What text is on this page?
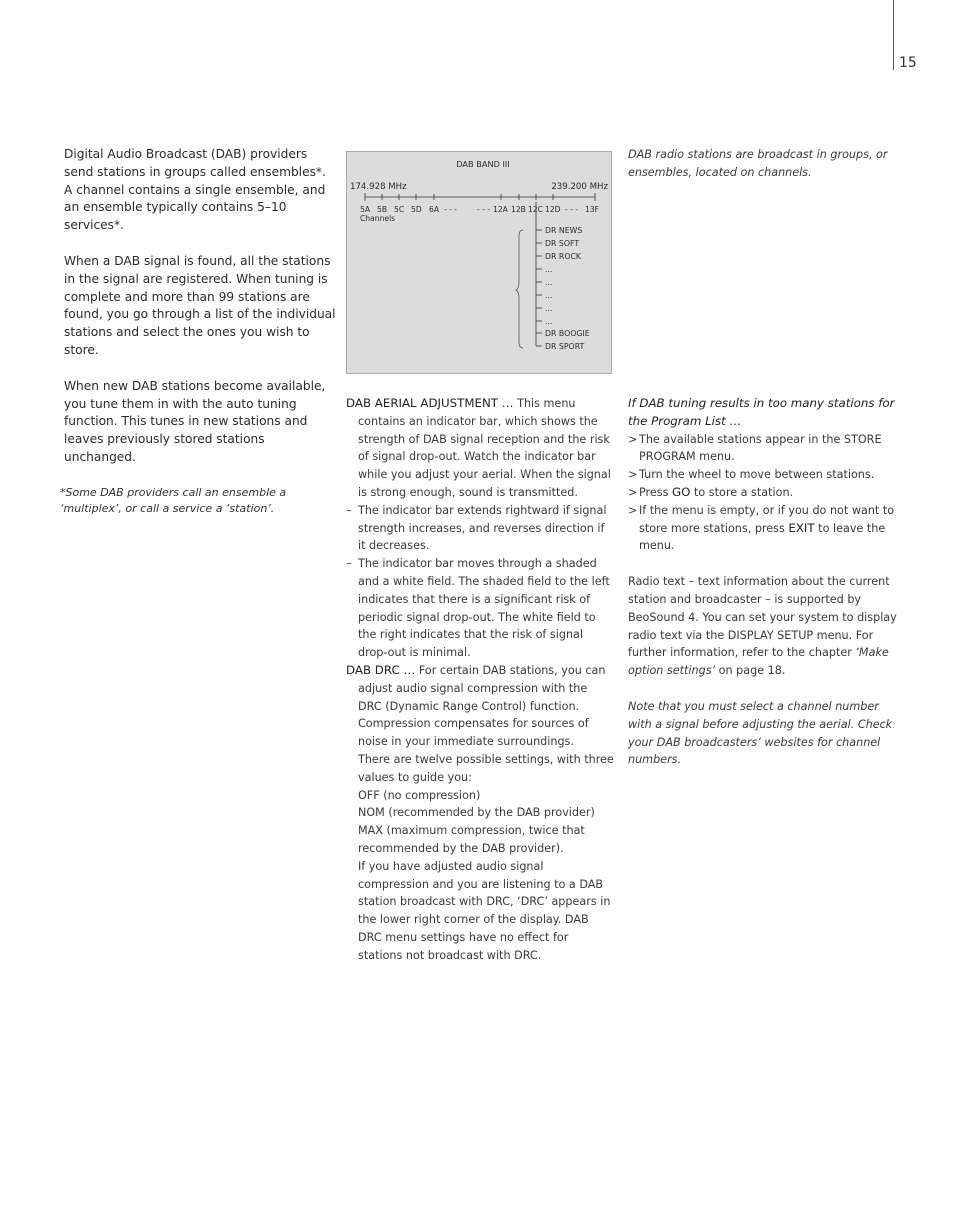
15

Digital Audio Broadcast (DAB) providers send stations in groups called ensembles*.
A channel contains a single ensemble, and an ensemble typically contains 5–10 services*.

When a DAB signal is found, all the stations in the signal are registered. When tuning is complete and more than 99 stations are found, you go through a list of the individual stations and select the ones you wish to store.

When new DAB stations become available, you tune them in with the auto tuning function. This tunes in new stations and leaves previously stored stations unchanged.

*Some DAB providers call an ensemble a ‘multiplex’, or call a service a ‘station’.

DAB BAND III
174.928 MHz	239.200 MHz
5A 5B 5C 5D 6A - - -	- - - 12A 12B 12C 12D - - - 13F
Channels
DR NEWS
DR SOFT
DR ROCK
...
...
...
...
...
DR BOOGIE
DR SPORT
DAB radio stations are broadcast in groups, or ensembles, located on channels.

DAB AERIAL ADJUSTMENT … This menu contains an indicator bar, which shows the strength of DAB signal reception and the risk of signal drop-out. Watch the indicator bar while you adjust your aerial. When the signal is strong enough, sound is transmitted.

– The indicator bar extends rightward if signal strength increases, and reverses direction if it decreases.

– The indicator bar moves through a shaded and a white field. The shaded field to the left indicates that there is a significant risk of periodic signal drop-out. The white field to the right indicates that the risk of signal drop-out is minimal.

DAB DRC … For certain DAB stations, you can adjust audio signal compression with the DRC (Dynamic Range Control) function. Compression compensates for sources of noise in your immediate surroundings.

There are twelve possible settings, with three values to guide you:

OFF (no compression)

NOM (recommended by the DAB provider)

MAX (maximum compression, twice that recommended by the DAB provider).

If you have adjusted audio signal compression and you are listening to a DAB station broadcast with DRC, ‘DRC’ appears in the lower right corner of the display. DAB DRC menu settings have no effect for stations not broadcast with DRC.

If DAB tuning results in too many stations for the Program List …

> The available stations appear in the STORE PROGRAM menu.

> Turn the wheel to move between stations.

> Press GO to store a station.

> If the menu is empty, or if you do not want to store more stations, press EXIT to leave the menu.

Radio text – text information about the current station and broadcaster – is supported by BeoSound 4. You can set your system to display radio text via the DISPLAY SETUP menu. For further information, refer to the chapter ‘Make option settings’ on page 18.

Note that you must select a channel number with a signal before adjusting the aerial. Check your DAB broadcasters’ websites for channel numbers.
